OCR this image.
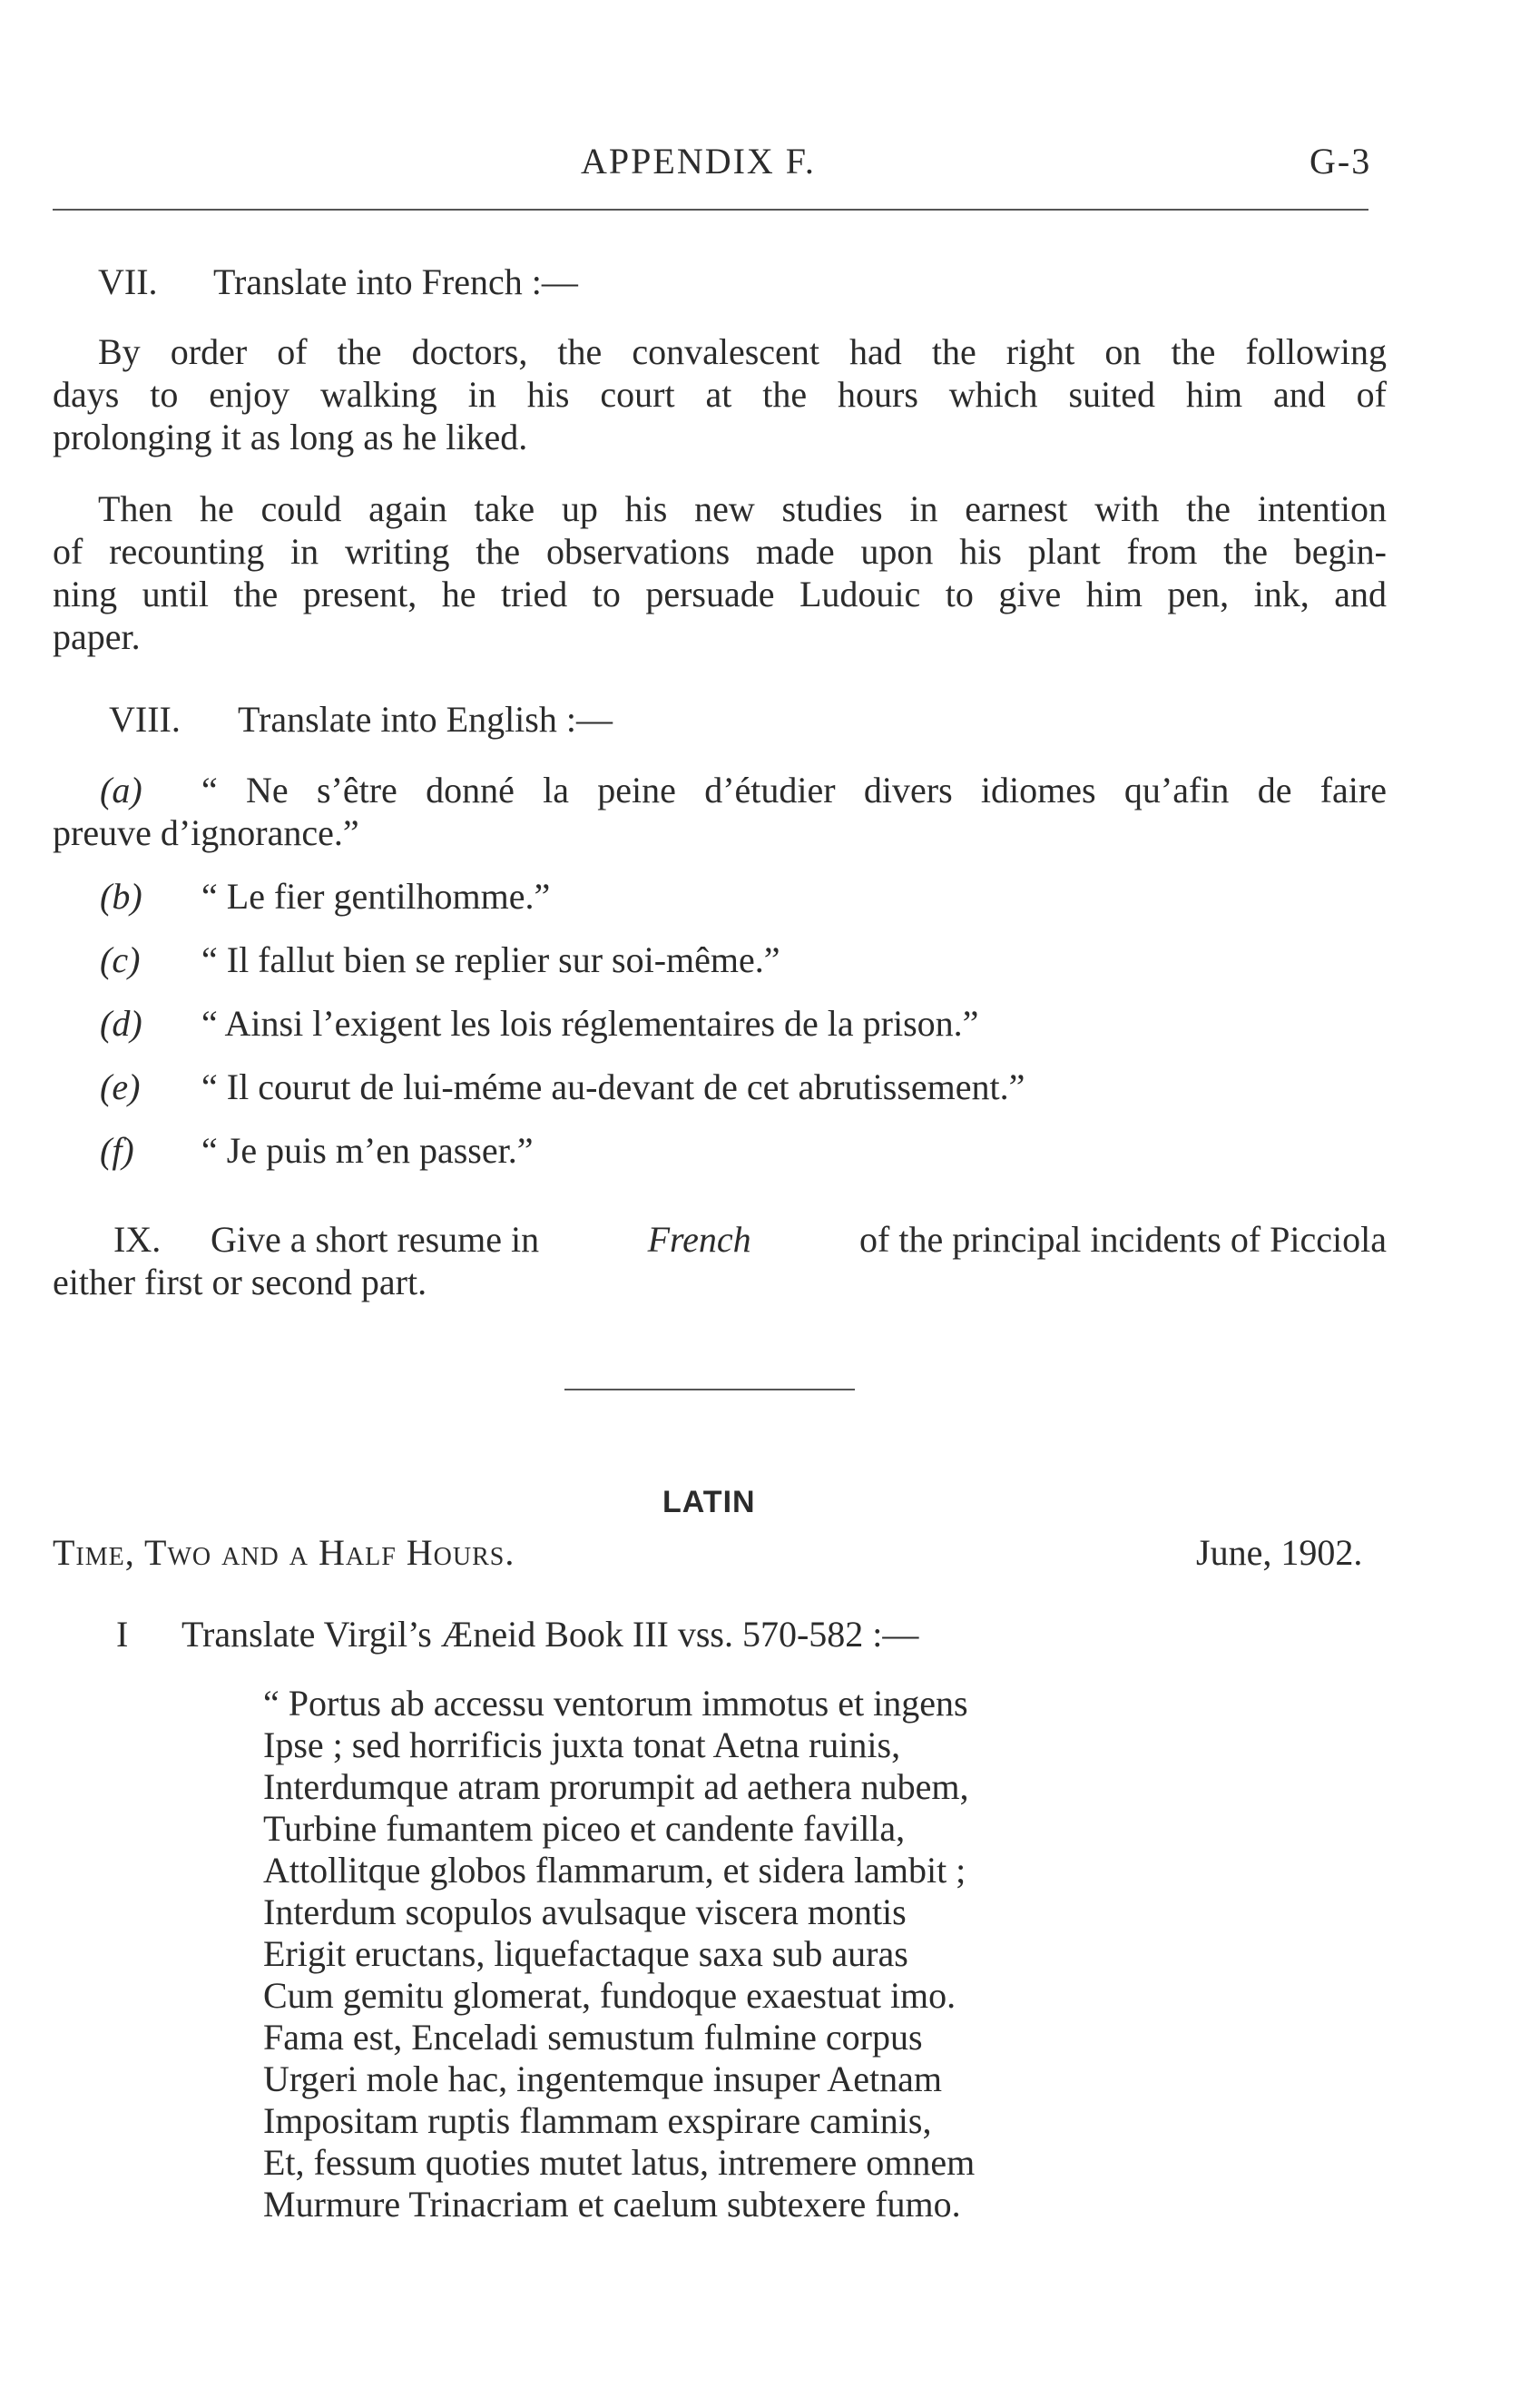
APPENDIX F.	G-3
VII. Translate into French :—
By order of the doctors, the convalescent had the right on the following
days to enjoy walking in his court at the hours which suited him and of
prolonging it as long as he liked.
Then he could again take up his new studies in earnest with the intention
of recounting in writing the observations made upon his plant from the begin-
ning until the present, he tried to persuade Ludouic to give him pen, ink, and
paper.
VIII. Translate into English :—
(a) “ Ne s’être donné la peine d’étudier divers idiomes qu’afin de faire
preuve d’ignorance.”
(b) “ Le fier gentilhomme.”
(c) “ Il fallut bien se replier sur soi-même.”
(d) “ Ainsi l’exigent les lois réglementaires de la prison.”
(e) “ Il courut de lui-méme au-devant de cet abrutissement.”
(f) “ Je puis m’en passer.”
IX. Give a short resume in	French	of the principal incidents of Picciola
either first or second part.
LATIN
Time, Two and a Half Hours.	June, 1902.
I Translate Virgil’s Æneid Book III vss. 570-582 :—
“ Portus ab accessu ventorum immotus et ingens
Ipse ; sed horrificis juxta tonat Aetna ruinis,
Interdumque atram prorumpit ad aethera nubem,
Turbine fumantem piceo et candente favilla,
Attollitque globos flammarum, et sidera lambit ;
Interdum scopulos avulsaque viscera montis
Erigit eructans, liquefactaque saxa sub auras
Cum gemitu glomerat, fundoque exaestuat imo.
Fama est, Enceladi semustum fulmine corpus
Urgeri mole hac, ingentemque insuper Aetnam
Impositam ruptis flammam exspirare caminis,
Et, fessum quoties mutet latus, intremere omnem
Murmure Trinacriam et caelum subtexere fumo.
